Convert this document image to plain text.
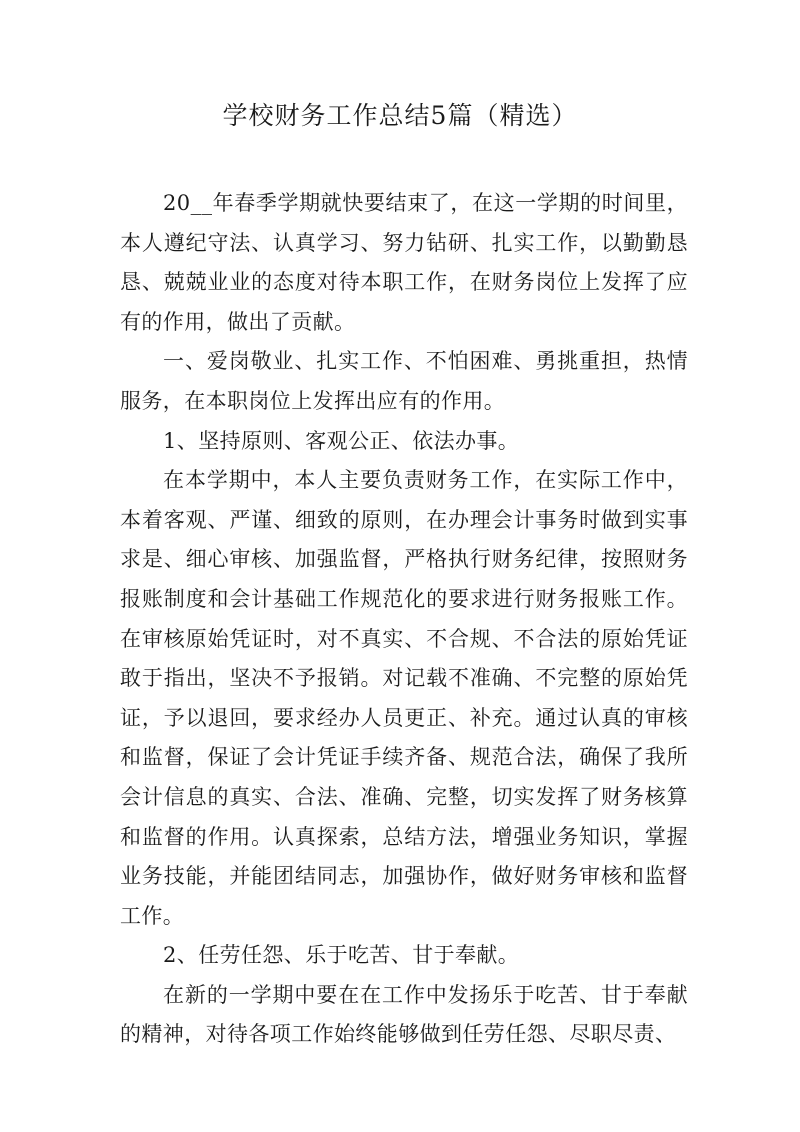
学校财务工作总结5篇（精选）

20__年春季学期就快要结束了，在这一学期的时间里，本人遵纪守法、认真学习、努力钻研、扎实工作，以勤勤恳恳、兢兢业业的态度对待本职工作，在财务岗位上发挥了应有的作用，做出了贡献。

一、爱岗敬业、扎实工作、不怕困难、勇挑重担，热情服务，在本职岗位上发挥出应有的作用。

1、坚持原则、客观公正、依法办事。

在本学期中，本人主要负责财务工作，在实际工作中，本着客观、严谨、细致的原则，在办理会计事务时做到实事求是、细心审核、加强监督，严格执行财务纪律，按照财务报账制度和会计基础工作规范化的要求进行财务报账工作。在审核原始凭证时，对不真实、不合规、不合法的原始凭证敢于指出，坚决不予报销。对记载不准确、不完整的原始凭证，予以退回，要求经办人员更正、补充。通过认真的审核和监督，保证了会计凭证手续齐备、规范合法，确保了我所会计信息的真实、合法、准确、完整，切实发挥了财务核算和监督的作用。认真探索，总结方法，增强业务知识，掌握业务技能，并能团结同志，加强协作，做好财务审核和监督工作。

2、任劳任怨、乐于吃苦、甘于奉献。

在新的一学期中要在在工作中发扬乐于吃苦、甘于奉献的精神，对待各项工作始终能够做到任劳任怨、尽职尽责、
